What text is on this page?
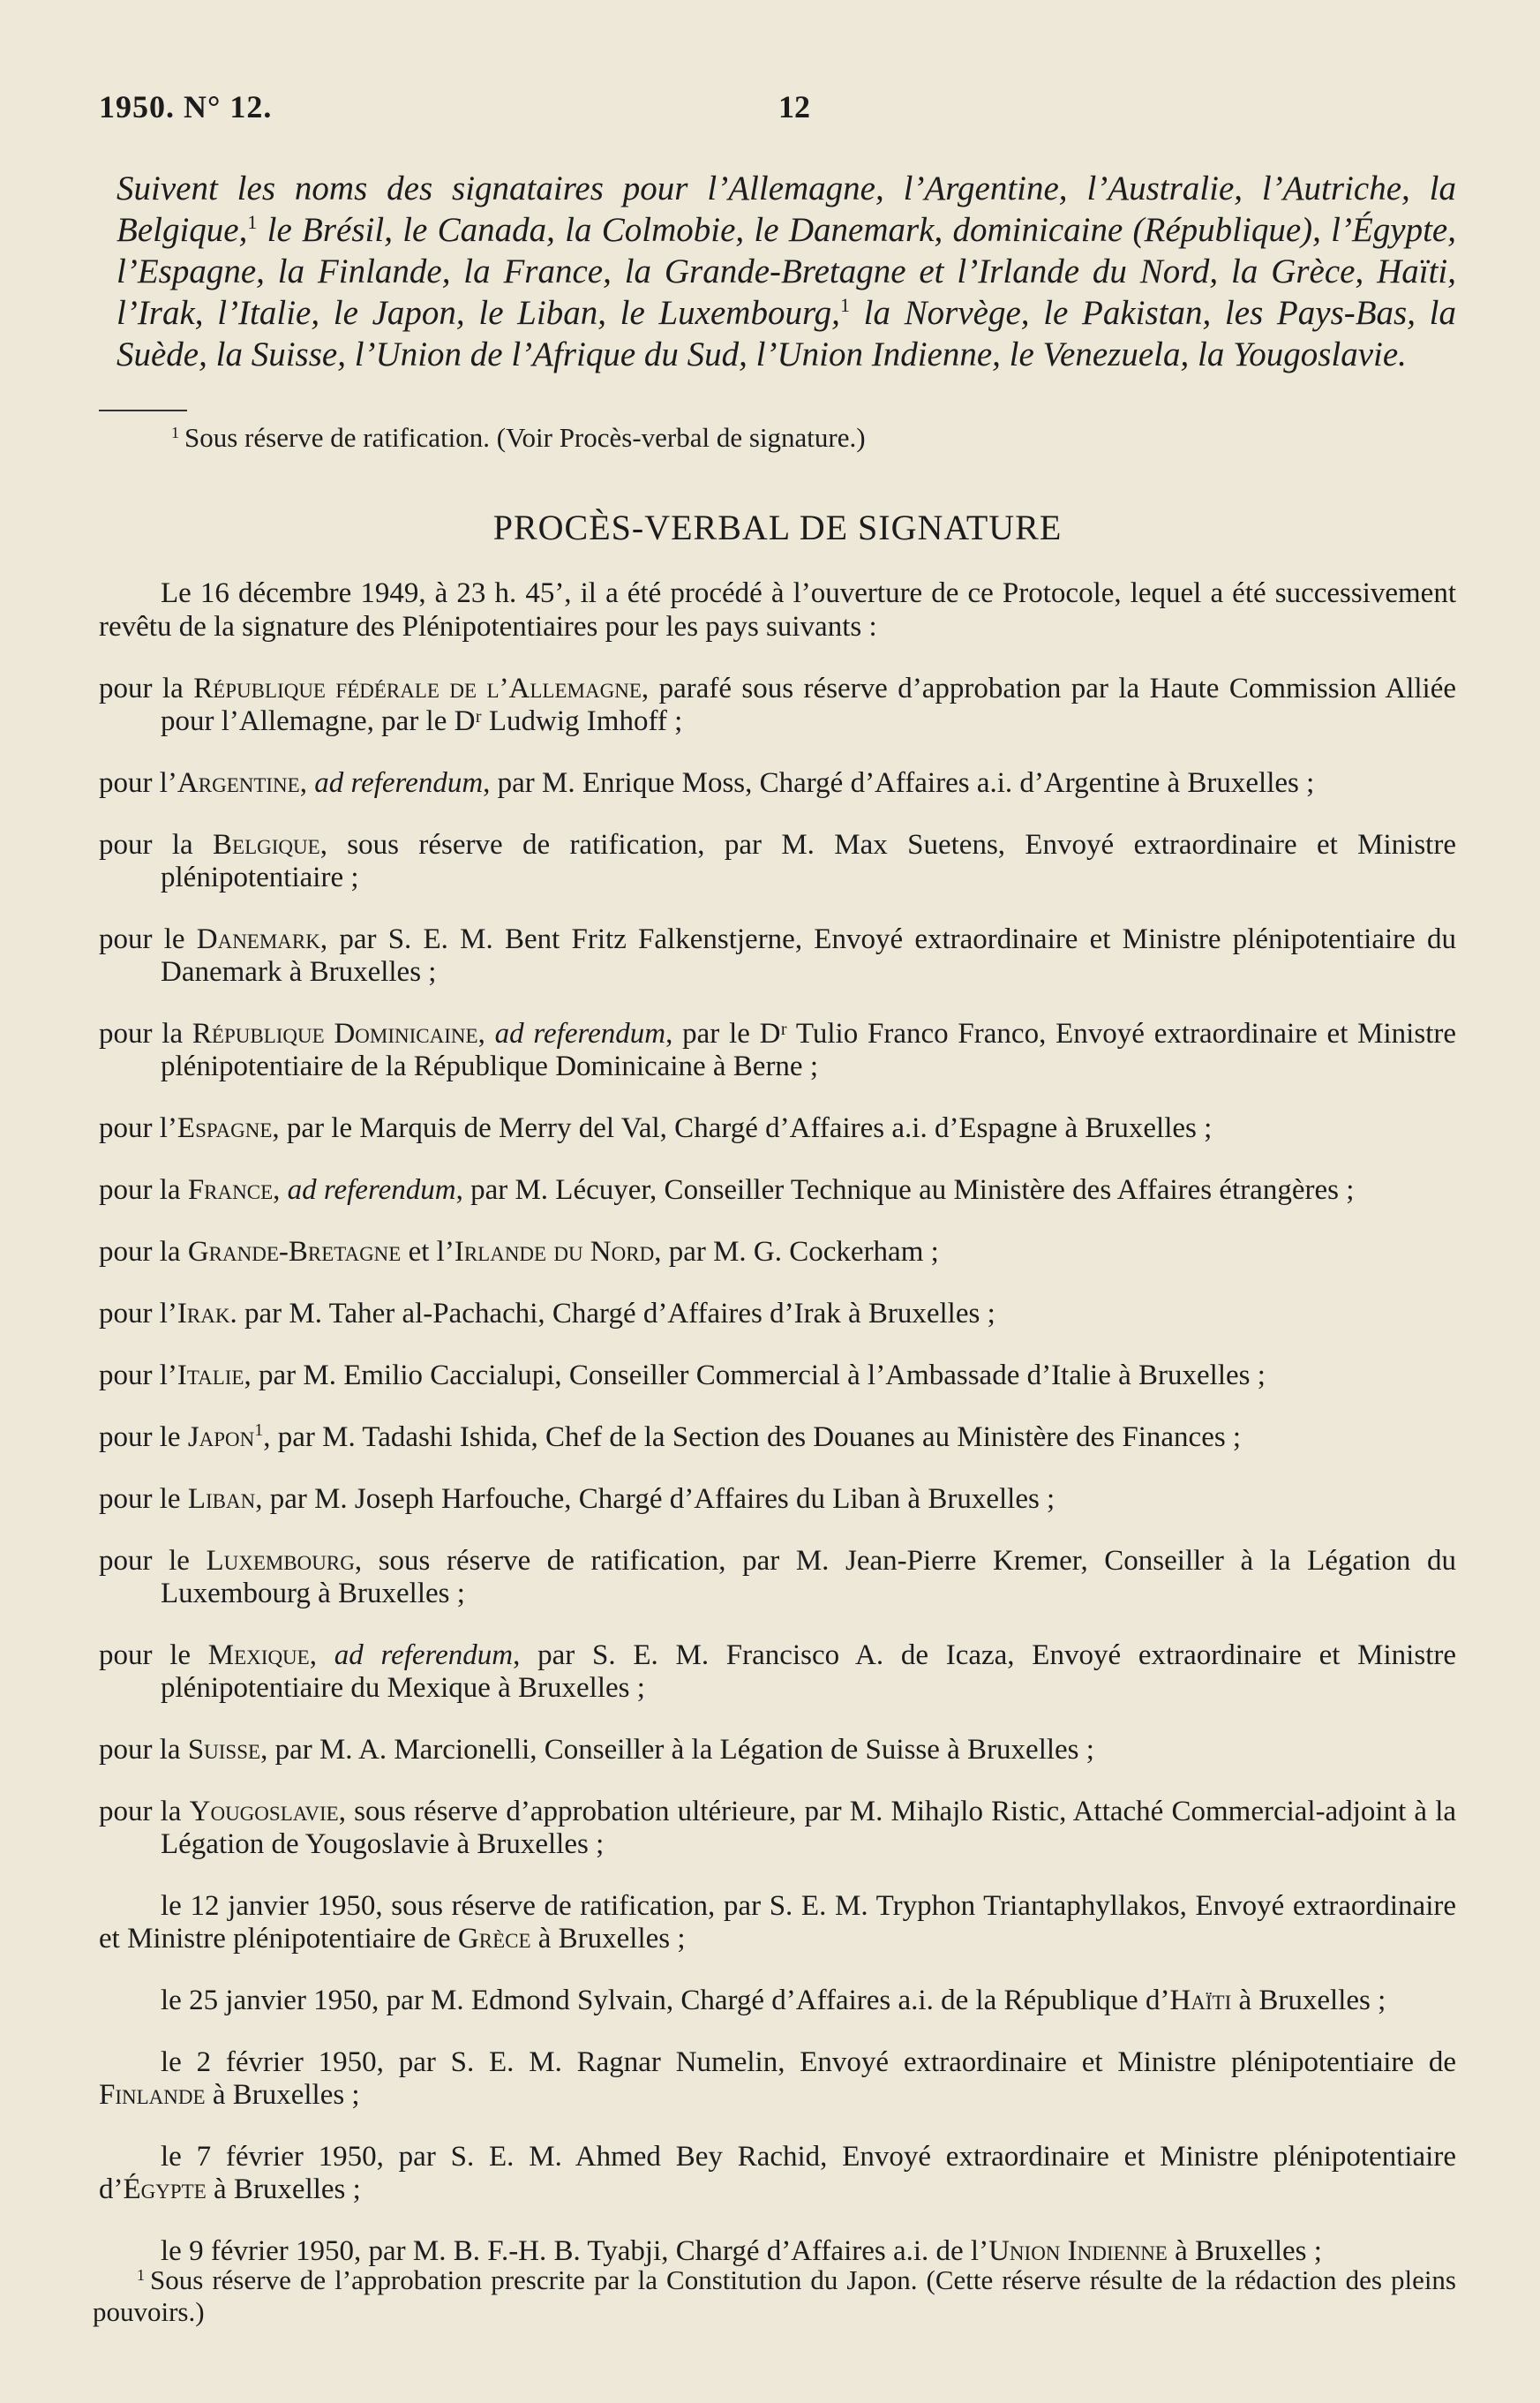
1950. N° 12.	12

Suivent les noms des signataires pour l’Allemagne, l’Argentine, l’Australie, l’Autriche, la Belgique,$^1$ le Brésil, le Canada, la Colmobie, le Danemark, dominicaine (République), l’Égypte, l’Espagne, la Finlande, la France, la Grande-Bretagne et l’Irlande du Nord, la Grèce, Haïti, l’Irak, l’Italie, le Japon, le Liban, le Luxembourg,$^1$ la Norvège, le Pakistan, les Pays-Bas, la Suède, la Suisse, l’Union de l’Afrique du Sud, l’Union Indienne, le Venezuela, la Yougoslavie.

$^1$ Sous réserve de ratification. (Voir Procès-verbal de signature.)
PROCÈS-VERBAL DE SIGNATURE

Le 16 décembre 1949, à 23 h. 45’, il a été procédé à l’ouverture de ce Protocole, lequel a été successivement revêtu de la signature des Plénipotentiaires pour les pays suivants :

pour la République fédérale de l’Allemagne, parafé sous réserve d’approbation par la Haute Commission Alliée pour l’Allemagne, par le Dʳ Ludwig Imhoff ;

pour l’Argentine, ad referendum, par M. Enrique Moss, Chargé d’Affaires a.i. d’Argentine à Bruxelles ;

pour la Belgique, sous réserve de ratification, par M. Max Suetens, Envoyé extraordinaire et Ministre plénipotentiaire ;

pour le Danemark, par S. E. M. Bent Fritz Falkenstjerne, Envoyé extraordinaire et Ministre plénipotentiaire du Danemark à Bruxelles ;

pour la République Dominicaine, ad referendum, par le Dʳ Tulio Franco Franco, Envoyé extraordinaire et Ministre plénipotentiaire de la République Dominicaine à Berne ;

pour l’Espagne, par le Marquis de Merry del Val, Chargé d’Affaires a.i. d’Espagne à Bruxelles ;

pour la France, ad referendum, par M. Lécuyer, Conseiller Technique au Ministère des Affaires étrangères ;

pour la Grande-Bretagne et l’Irlande du Nord, par M. G. Cockerham ;

pour l’Irak. par M. Taher al-Pachachi, Chargé d’Affaires d’Irak à Bruxelles ;

pour l’Italie, par M. Emilio Caccialupi, Conseiller Commercial à l’Ambassade d’Italie à Bruxelles ;

pour le Japon$^1$, par M. Tadashi Ishida, Chef de la Section des Douanes au Ministère des Finances ;

pour le Liban, par M. Joseph Harfouche, Chargé d’Affaires du Liban à Bruxelles ;

pour le Luxembourg, sous réserve de ratification, par M. Jean-Pierre Kremer, Conseiller à la Légation du Luxembourg à Bruxelles ;

pour le Mexique, ad referendum, par S. E. M. Francisco A. de Icaza, Envoyé extraordinaire et Ministre plénipotentiaire du Mexique à Bruxelles ;

pour la Suisse, par M. A. Marcionelli, Conseiller à la Légation de Suisse à Bruxelles ;

pour la Yougoslavie, sous réserve d’approbation ultérieure, par M. Mihajlo Ristic, Attaché Commercial-adjoint à la Légation de Yougoslavie à Bruxelles ;

le 12 janvier 1950, sous réserve de ratification, par S. E. M. Tryphon Triantaphyllakos, Envoyé extraordinaire et Ministre plénipotentiaire de Grèce à Bruxelles ;

le 25 janvier 1950, par M. Edmond Sylvain, Chargé d’Affaires a.i. de la République d’Haïti à Bruxelles ;

le 2 février 1950, par S. E. M. Ragnar Numelin, Envoyé extraordinaire et Ministre plénipotentiaire de Finlande à Bruxelles ;

le 7 février 1950, par S. E. M. Ahmed Bey Rachid, Envoyé extraordinaire et Ministre plénipotentiaire d’Égypte à Bruxelles ;

le 9 février 1950, par M. B. F.-H. B. Tyabji, Chargé d’Affaires a.i. de l’Union Indienne à Bruxelles ;

$^1$ Sous réserve de l’approbation prescrite par la Constitution du Japon. (Cette réserve résulte de la rédaction des pleins pouvoirs.)
